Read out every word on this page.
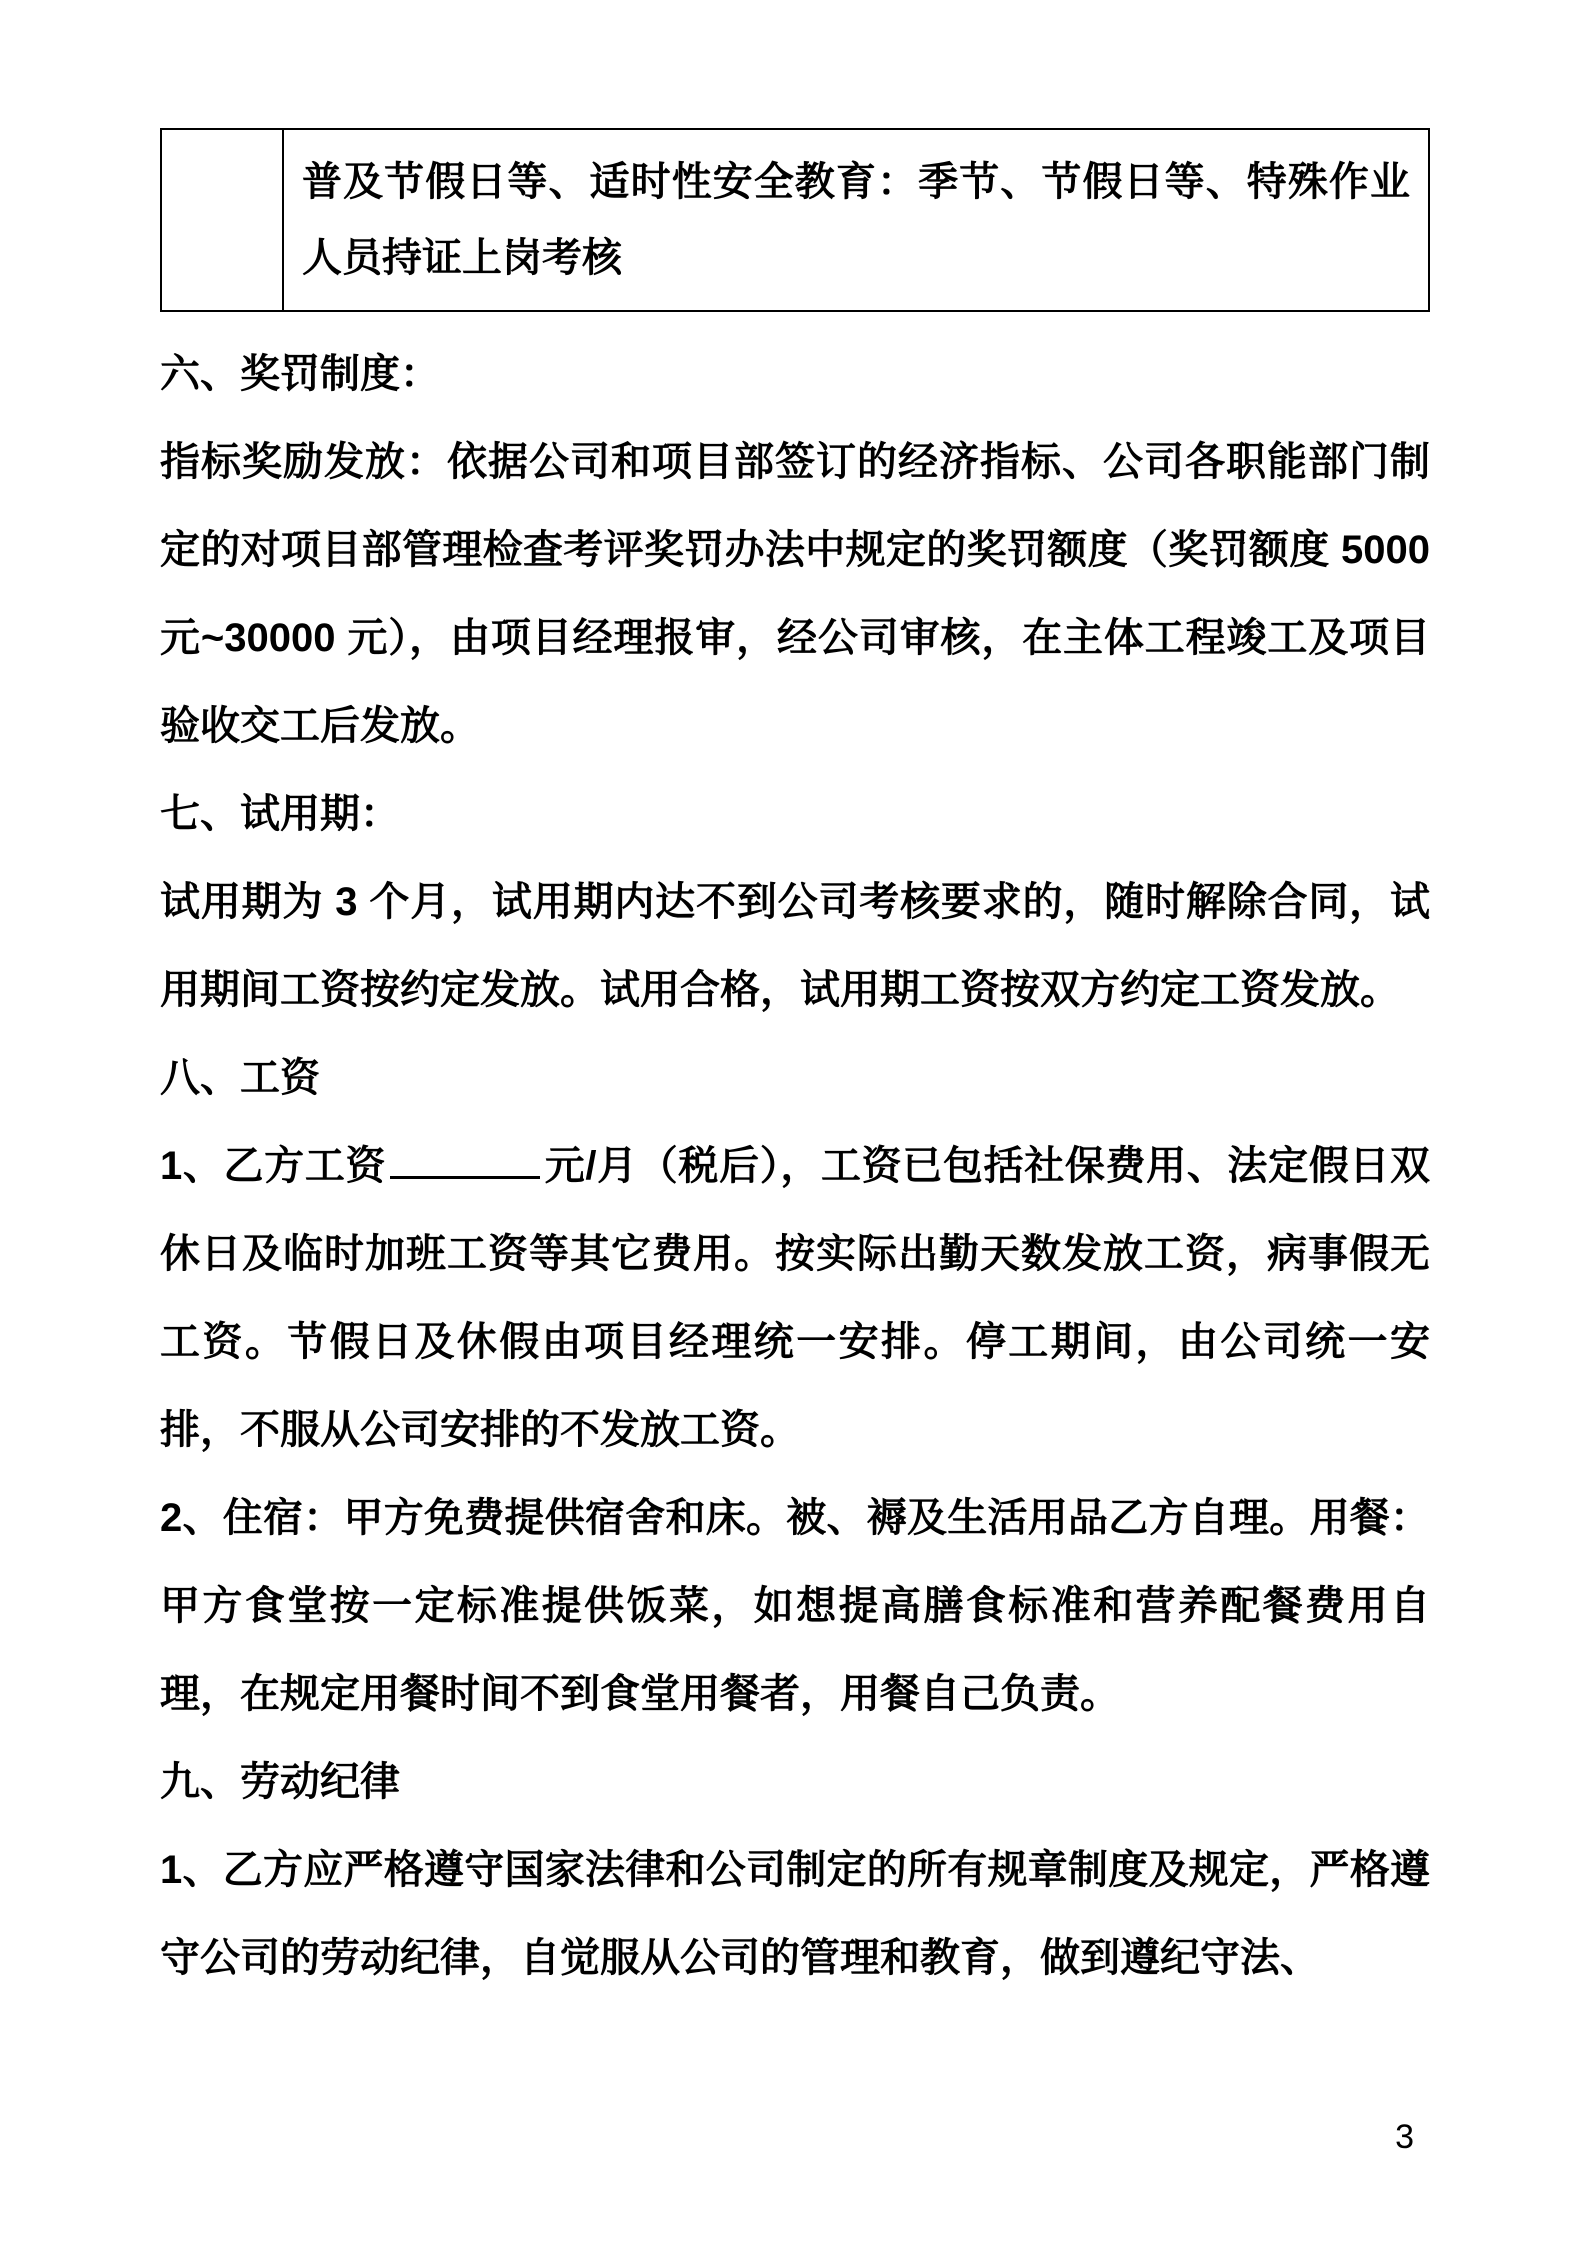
	普及节假日等、适时性安全教育：季节、节假日等、特殊作业人员持证上岗考核

六、奖罚制度：

指标奖励发放：依据公司和项目部签订的经济指标、公司各职能部门制定的对项目部管理检查考评奖罚办法中规定的奖罚额度（奖罚额度 5000 元~30000 元），由项目经理报审，经公司审核，在主体工程竣工及项目验收交工后发放。

七、试用期：

试用期为 3 个月，试用期内达不到公司考核要求的，随时解除合同，试用期间工资按约定发放。试用合格，试用期工资按双方约定工资发放。

八、工资

1、乙方工资	元/月（税后），工资已包括社保费用、法定假日双休日及临时加班工资等其它费用。按实际出勤天数发放工资，病事假无工资。节假日及休假由项目经理统一安排。停工期间，由公司统一安排，不服从公司安排的不发放工资。

2、住宿：甲方免费提供宿舍和床。被、褥及生活用品乙方自理。用餐：甲方食堂按一定标准提供饭菜，如想提高膳食标准和营养配餐费用自理，在规定用餐时间不到食堂用餐者，用餐自己负责。

九、劳动纪律

1、乙方应严格遵守国家法律和公司制定的所有规章制度及规定，严格遵守公司的劳动纪律，自觉服从公司的管理和教育，做到遵纪守法、

3
